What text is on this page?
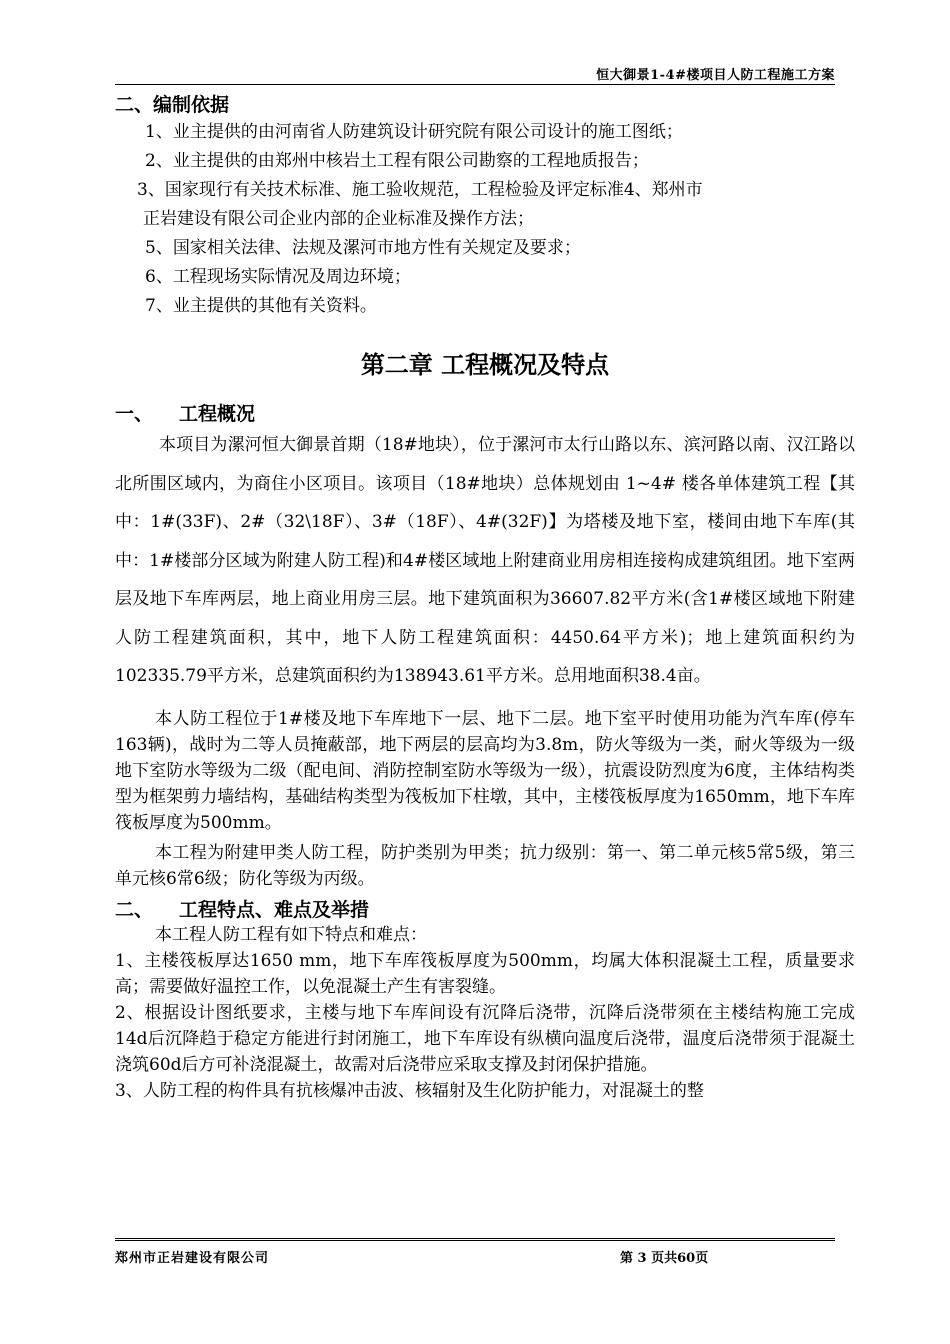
恒大御景1-4#楼项目人防工程施工方案
二、编制依据
1、业主提供的由河南省人防建筑设计研究院有限公司设计的施工图纸；
2、业主提供的由郑州中核岩土工程有限公司勘察的工程地质报告；
3、国家现行有关技术标准、施工验收规范，工程检验及评定标准4、郑州市
正岩建设有限公司企业内部的企业标准及操作方法；
5、国家相关法律、法规及漯河市地方性有关规定及要求；
6、工程现场实际情况及周边环境；
7、业主提供的其他有关资料。
第二章 工程概况及特点
一、 工程概况

本项目为漯河恒大御景首期（18#地块），位于漯河市太行山路以东、滨河路以南、汉江路以北所围区域内，为商住小区项目。该项目（18#地块）总体规划由 1~4# 楼各单体建筑工程【其中：1#(33F)、2#（32\18F）、3#（18F）、4#(32F)】为塔楼及地下室，楼间由地下车库(其中：1#楼部分区域为附建人防工程)和4#楼区域地上附建商业用房相连接构成建筑组团。地下室两层及地下车库两层，地上商业用房三层。地下建筑面积为36607.82平方米(含1#楼区域地下附建人防工程建筑面积，其中，地下人防工程建筑面积：4450.64平方米)；地上建筑面积约为102335.79平方米，总建筑面积约为138943.61平方米。总用地面积38.4亩。

本人防工程位于1#楼及地下车库地下一层、地下二层。地下室平时使用功能为汽车库(停车163辆)，战时为二等人员掩蔽部，地下两层的层高均为3.8m，防火等级为一类，耐火等级为一级地下室防水等级为二级（配电间、消防控制室防水等级为一级），抗震设防烈度为6度，主体结构类型为框架剪力墙结构，基础结构类型为筏板加下柱墩，其中，主楼筏板厚度为1650mm，地下车库筏板厚度为500mm。

本工程为附建甲类人防工程，防护类别为甲类；抗力级别：第一、第二单元核5常5级，第三单元核6常6级；防化等级为丙级。

二、 工程特点、难点及举措

本工程人防工程有如下特点和难点：

1、主楼筏板厚达1650 mm，地下车库筏板厚度为500mm，均属大体积混凝土工程，质量要求高；需要做好温控工作，以免混凝土产生有害裂缝。

2、根据设计图纸要求，主楼与地下车库间设有沉降后浇带，沉降后浇带须在主楼结构施工完成14d后沉降趋于稳定方能进行封闭施工，地下车库设有纵横向温度后浇带，温度后浇带须于混凝土浇筑60d后方可补浇混凝土，故需对后浇带应采取支撑及封闭保护措施。

3、人防工程的构件具有抗核爆冲击波、核辐射及生化防护能力，对混凝土的整

郑州市正岩建设有限公司	第 3 页共60页
